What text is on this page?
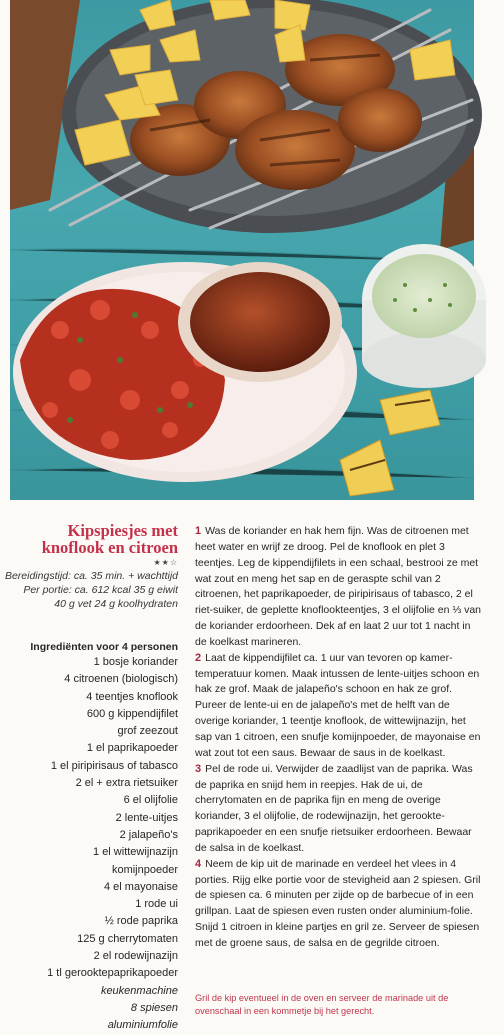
Kipspiesjes met knoflook en citroen
★★☆
Bereidingstijd: ca. 35 min. + wachttijd
Per portie: ca. 612 kcal 35 g eiwit
40 g vet 24 g koolhydraten
Ingrediënten voor 4 personen
1 bosje koriander
4 citroenen (biologisch)
4 teentjes knoflook
600 g kippendijfilet
grof zeezout
1 el paprikapoeder
1 el piripirisaus of tabasco
2 el + extra rietsuiker
6 el olijfolie
2 lente-uitjes
2 jalapeño's
1 el wittewijnazijn
komijnpoeder
4 el mayonaise
1 rode ui
½ rode paprika
125 g cherrytomaten
2 el rodewijnazijn
1 tl gerooktepaprikapoeder
keukenmachine
8 spiesen
aluminiumfolie

1 Was de koriander en hak hem fijn. Was de citroenen met heet water en wrijf ze droog. Pel de knoflook en plet 3 teentjes. Leg de kippendijfilets in een schaal, bestrooi ze met wat zout en meng het sap en de geraspte schil van 2 citroenen, het paprikapoeder, de piripirisaus of tabasco, 2 el riet-suiker, de geplette knoflookteentjes, 3 el olijfolie en ⅓ van de koriander erdoorheen. Dek af en laat 2 uur tot 1 nacht in de koelkast marineren.

2 Laat de kippendijfilet ca. 1 uur van tevoren op kamer-temperatuur komen. Maak intussen de lente-uitjes schoon en hak ze grof. Maak de jalapeño's schoon en hak ze grof. Pureer de lente-ui en de jalapeño's met de helft van de overige koriander, 1 teentje knoflook, de wittewijnazijn, het sap van 1 citroen, een snufje komijnpoeder, de mayonaise en wat zout tot een saus. Bewaar de saus in de koelkast.

3 Pel de rode ui. Verwijder de zaadlijst van de paprika. Was de paprika en snijd hem in reepjes. Hak de ui, de cherrytomaten en de paprika fijn en meng de overige koriander, 3 el olijfolie, de rodewijnazijn, het gerookte-paprikapoeder en een snufje rietsuiker erdoorheen. Bewaar de salsa in de koelkast.

4 Neem de kip uit de marinade en verdeel het vlees in 4 porties. Rijg elke portie voor de stevigheid aan 2 spiesen. Gril de spiesen ca. 6 minuten per zijde op de barbecue of in een grillpan. Laat de spiesen even rusten onder aluminium-folie. Snijd 1 citroen in kleine partjes en gril ze. Serveer de spiesen met de groene saus, de salsa en de gegrilde citroen.

Gril de kip eventueel in de oven en serveer de marinade uit de ovenschaal in een kommetje bij het gerecht.
